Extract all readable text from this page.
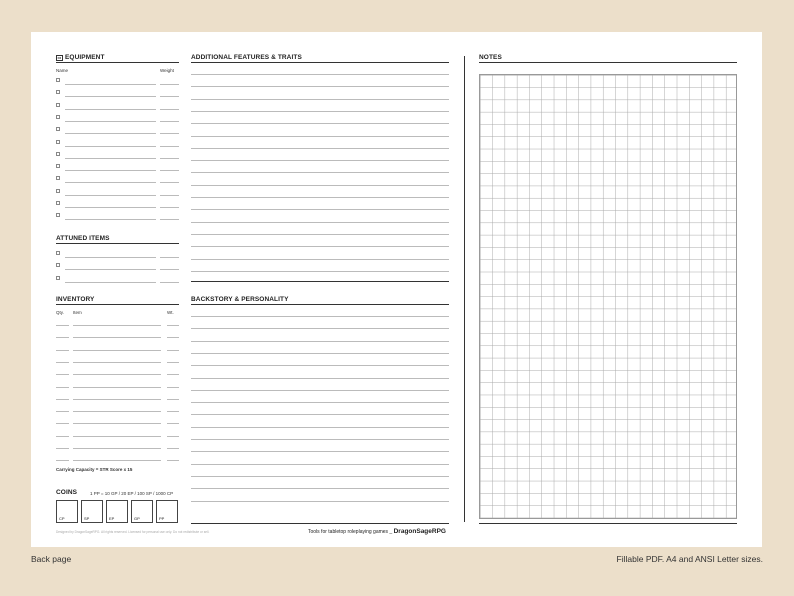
▭ EQUIPMENT
Name	Weight
ATTUNED ITEMS
INVENTORY
Qty. Item	Wt.
Carrying Capacity = STR Score x 15
COINS	1 PP = 10 GP / 20 EP / 100 SP / 1000 CP
CP	SP	EP	GP	PP
ADDITIONAL FEATURES & TRAITS
BACKSTORY & PERSONALITY
NOTES
Designed by DragonSageRPG. All rights reserved. Licensed for personal use only. Do not redistribute or sell.	Tools for tabletop roleplaying games _ DragonSageRPG
Back page	Fillable PDF. A4 and ANSI Letter sizes.
